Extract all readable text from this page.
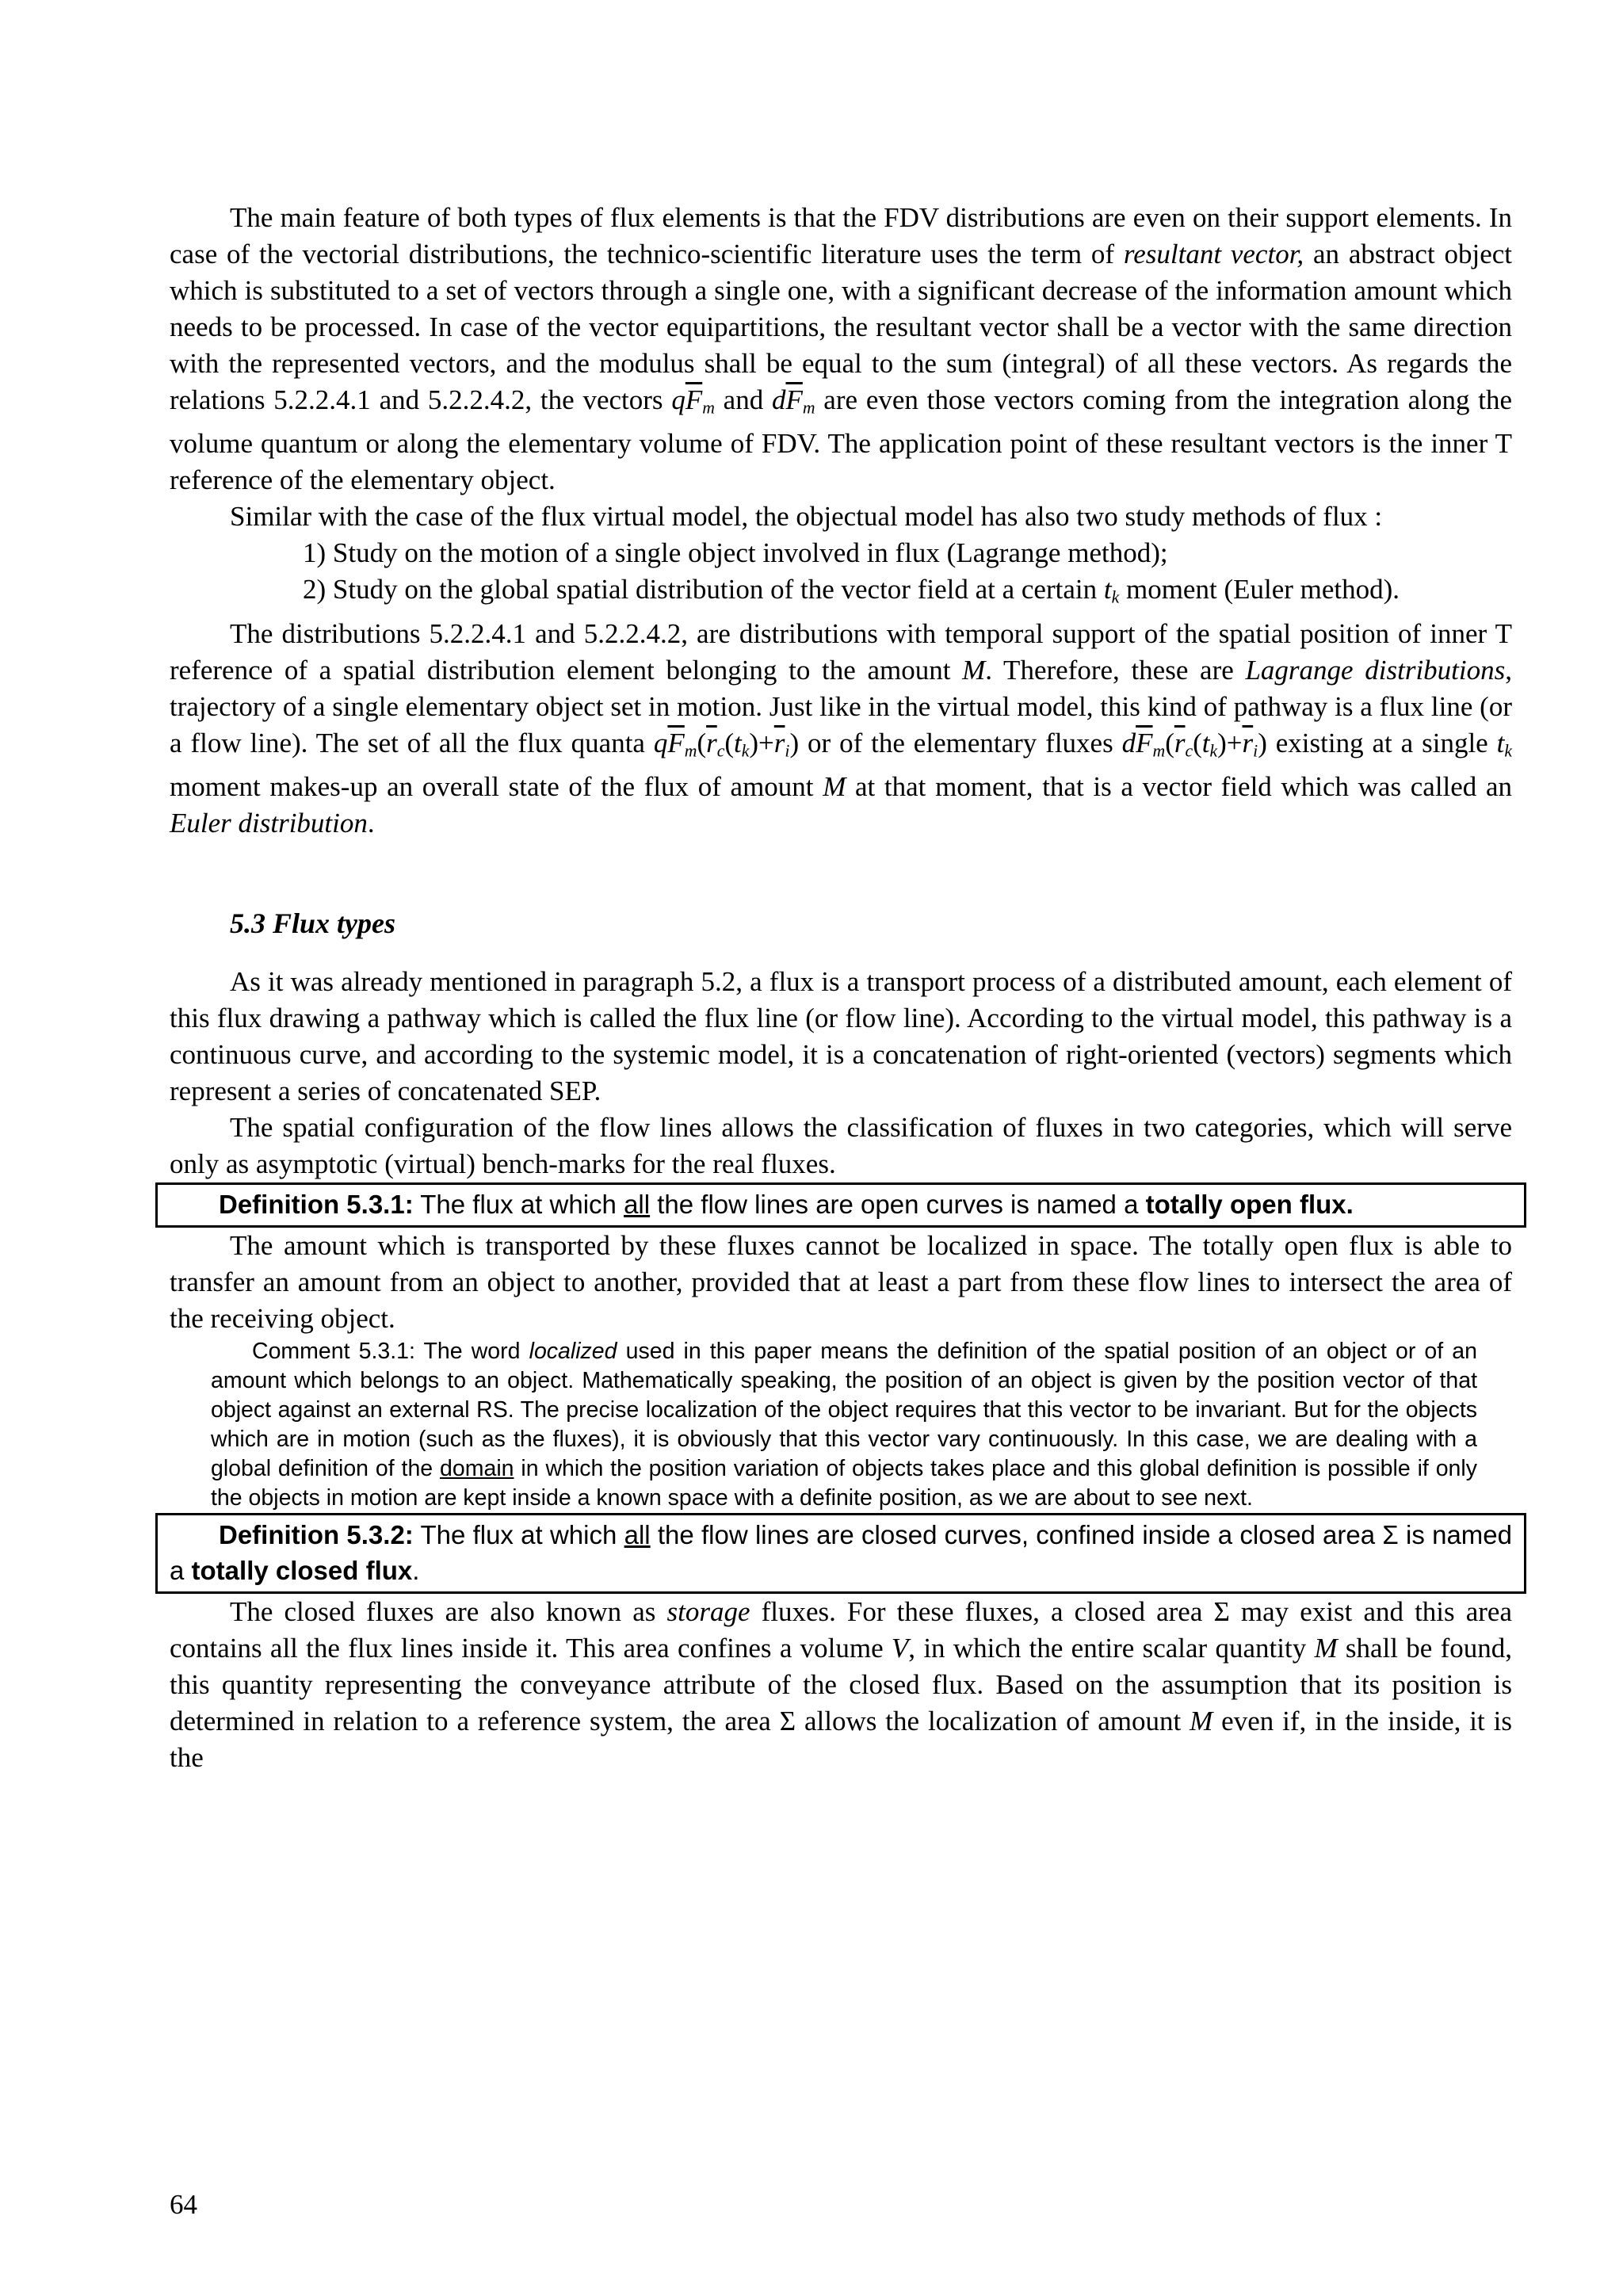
The main feature of both types of flux elements is that the FDV distributions are even on their support elements. In case of the vectorial distributions, the technico-scientific literature uses the term of resultant vector, an abstract object which is substituted to a set of vectors through a single one, with a significant decrease of the information amount which needs to be processed. In case of the vector equipartitions, the resultant vector shall be a vector with the same direction with the represented vectors, and the modulus shall be equal to the sum (integral) of all these vectors. As regards the relations 5.2.2.4.1 and 5.2.2.4.2, the vectors $q\overline{F}_m$ and $d\overline{F}_m$ are even those vectors coming from the integration along the volume quantum or along the elementary volume of FDV. The application point of these resultant vectors is the inner T reference of the elementary object.

Similar with the case of the flux virtual model, the objectual model has also two study methods of flux :

1) Study on the motion of a single object involved in flux (Lagrange method);

2) Study on the global spatial distribution of the vector field at a certain $t_k$ moment (Euler method).

The distributions 5.2.2.4.1 and 5.2.2.4.2, are distributions with temporal support of the spatial position of inner T reference of a spatial distribution element belonging to the amount M. Therefore, these are Lagrange distributions, trajectory of a single elementary object set in motion. Just like in the virtual model, this kind of pathway is a flux line (or a flow line). The set of all the flux quanta $q\overline{F}_m(\overline{r}_c(t_k)+\overline{r}_i)$ or of the elementary fluxes $d\overline{F}_m(\overline{r}_c(t_k)+\overline{r}_i)$ existing at a single $t_k$ moment makes-up an overall state of the flux of amount M at that moment, that is a vector field which was called an Euler distribution.

5.3 Flux types

As it was already mentioned in paragraph 5.2, a flux is a transport process of a distributed amount, each element of this flux drawing a pathway which is called the flux line (or flow line). According to the virtual model, this pathway is a continuous curve, and according to the systemic model, it is a concatenation of right-oriented (vectors) segments which represent a series of concatenated SEP.

The spatial configuration of the flow lines allows the classification of fluxes in two categories, which will serve only as asymptotic (virtual) bench-marks for the real fluxes.

Definition 5.3.1: The flux at which all the flow lines are open curves is named a totally open flux.

The amount which is transported by these fluxes cannot be localized in space. The totally open flux is able to transfer an amount from an object to another, provided that at least a part from these flow lines to intersect the area of the receiving object.

Comment 5.3.1: The word localized used in this paper means the definition of the spatial position of an object or of an amount which belongs to an object. Mathematically speaking, the position of an object is given by the position vector of that object against an external RS. The precise localization of the object requires that this vector to be invariant. But for the objects which are in motion (such as the fluxes), it is obviously that this vector vary continuously. In this case, we are dealing with a global definition of the domain in which the position variation of objects takes place and this global definition is possible if only the objects in motion are kept inside a known space with a definite position, as we are about to see next.

Definition 5.3.2: The flux at which all the flow lines are closed curves, confined inside a closed area Σ is named a totally closed flux.

The closed fluxes are also known as storage fluxes. For these fluxes, a closed area Σ may exist and this area contains all the flux lines inside it. This area confines a volume V, in which the entire scalar quantity M shall be found, this quantity representing the conveyance attribute of the closed flux. Based on the assumption that its position is determined in relation to a reference system, the area Σ allows the localization of amount M even if, in the inside, it is the

64
